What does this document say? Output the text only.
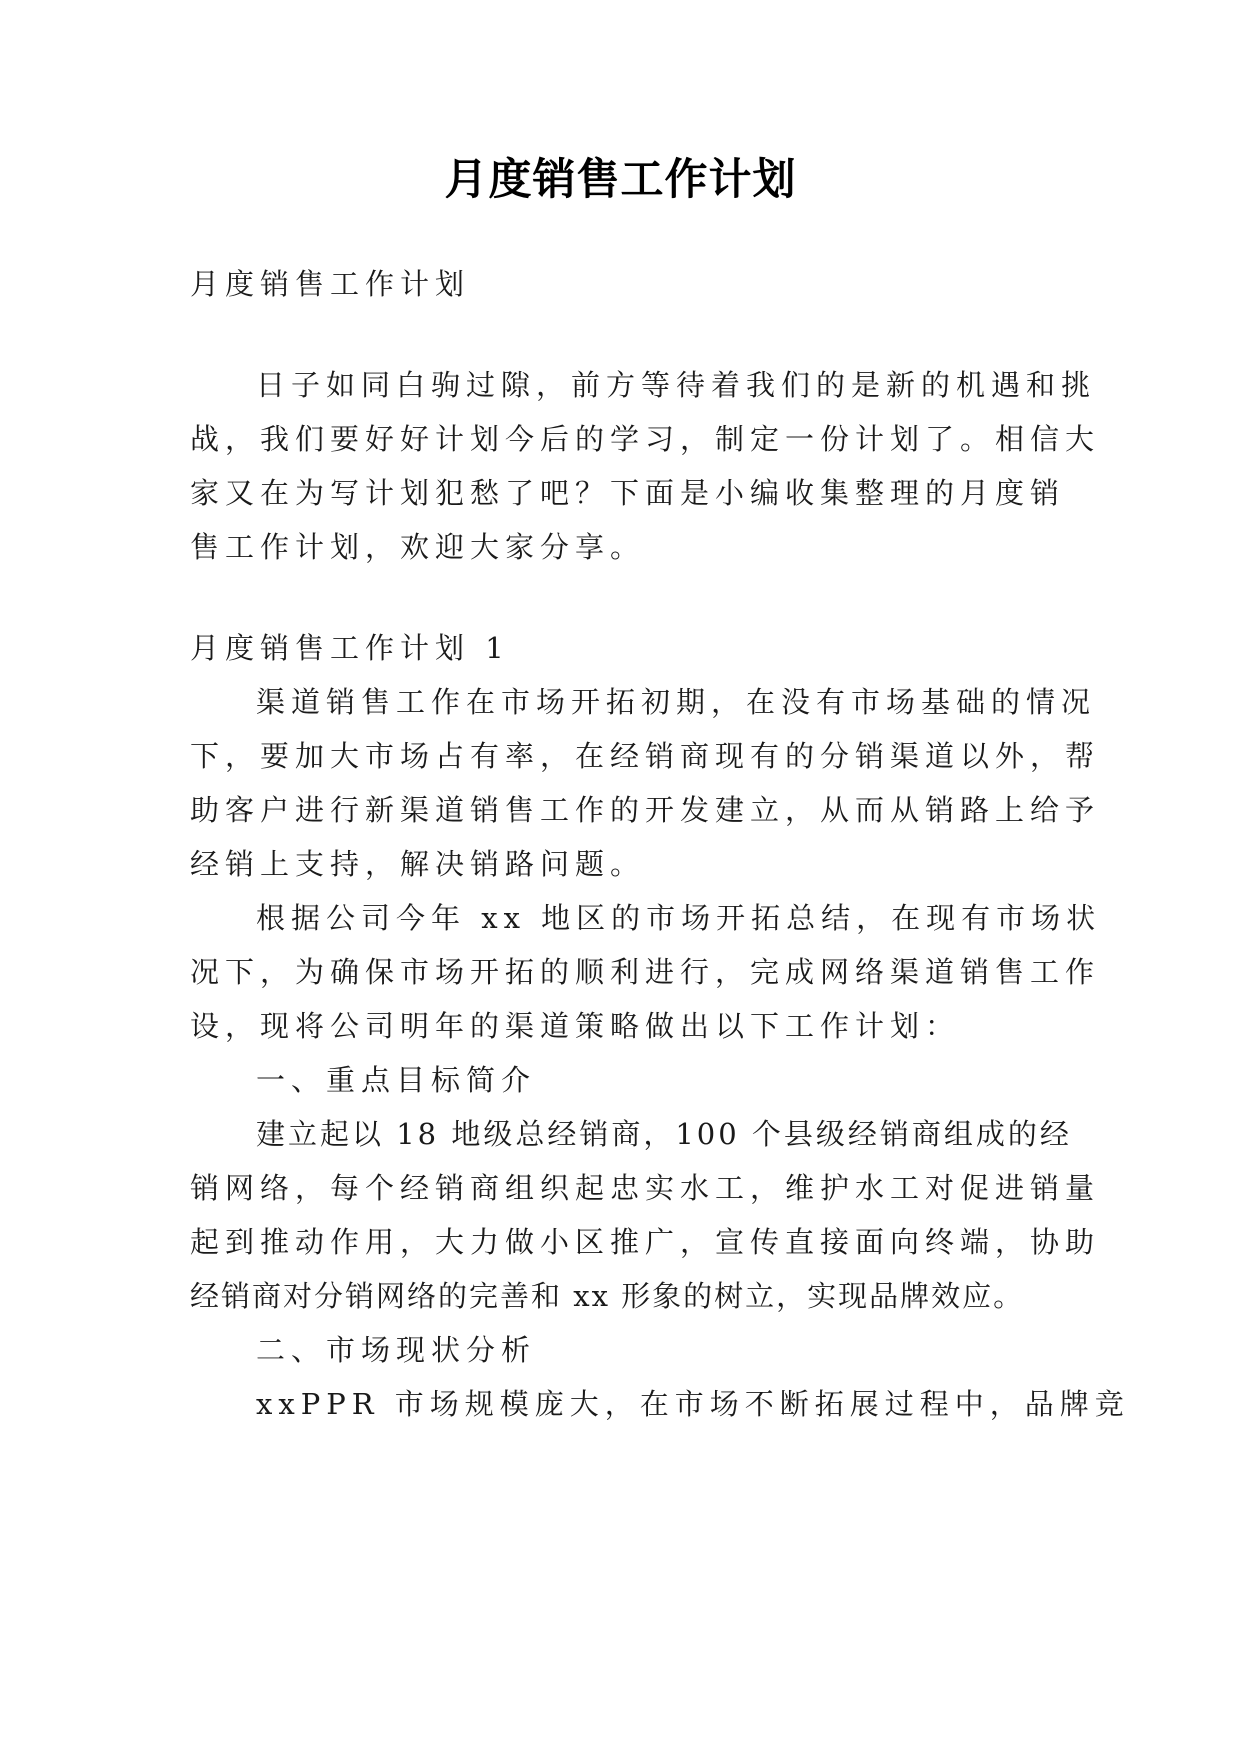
月度销售工作计划
月度销售工作计划
日子如同白驹过隙，前方等待着我们的是新的机遇和挑
战，我们要好好计划今后的学习，制定一份计划了。相信大
家又在为写计划犯愁了吧？下面是小编收集整理的月度销
售工作计划，欢迎大家分享。
月度销售工作计划 1
渠道销售工作在市场开拓初期，在没有市场基础的情况
下，要加大市场占有率，在经销商现有的分销渠道以外，帮
助客户进行新渠道销售工作的开发建立，从而从销路上给予
经销上支持，解决销路问题。
根据公司今年 xx 地区的市场开拓总结，在现有市场状
况下，为确保市场开拓的顺利进行，完成网络渠道销售工作
设，现将公司明年的渠道策略做出以下工作计划：
一、重点目标简介
建立起以 18 地级总经销商，100 个县级经销商组成的经
销网络，每个经销商组织起忠实水工，维护水工对促进销量
起到推动作用，大力做小区推广，宣传直接面向终端，协助
经销商对分销网络的完善和 xx 形象的树立，实现品牌效应。
二、市场现状分析
xxPPR 市场规模庞大，在市场不断拓展过程中，品牌竞
